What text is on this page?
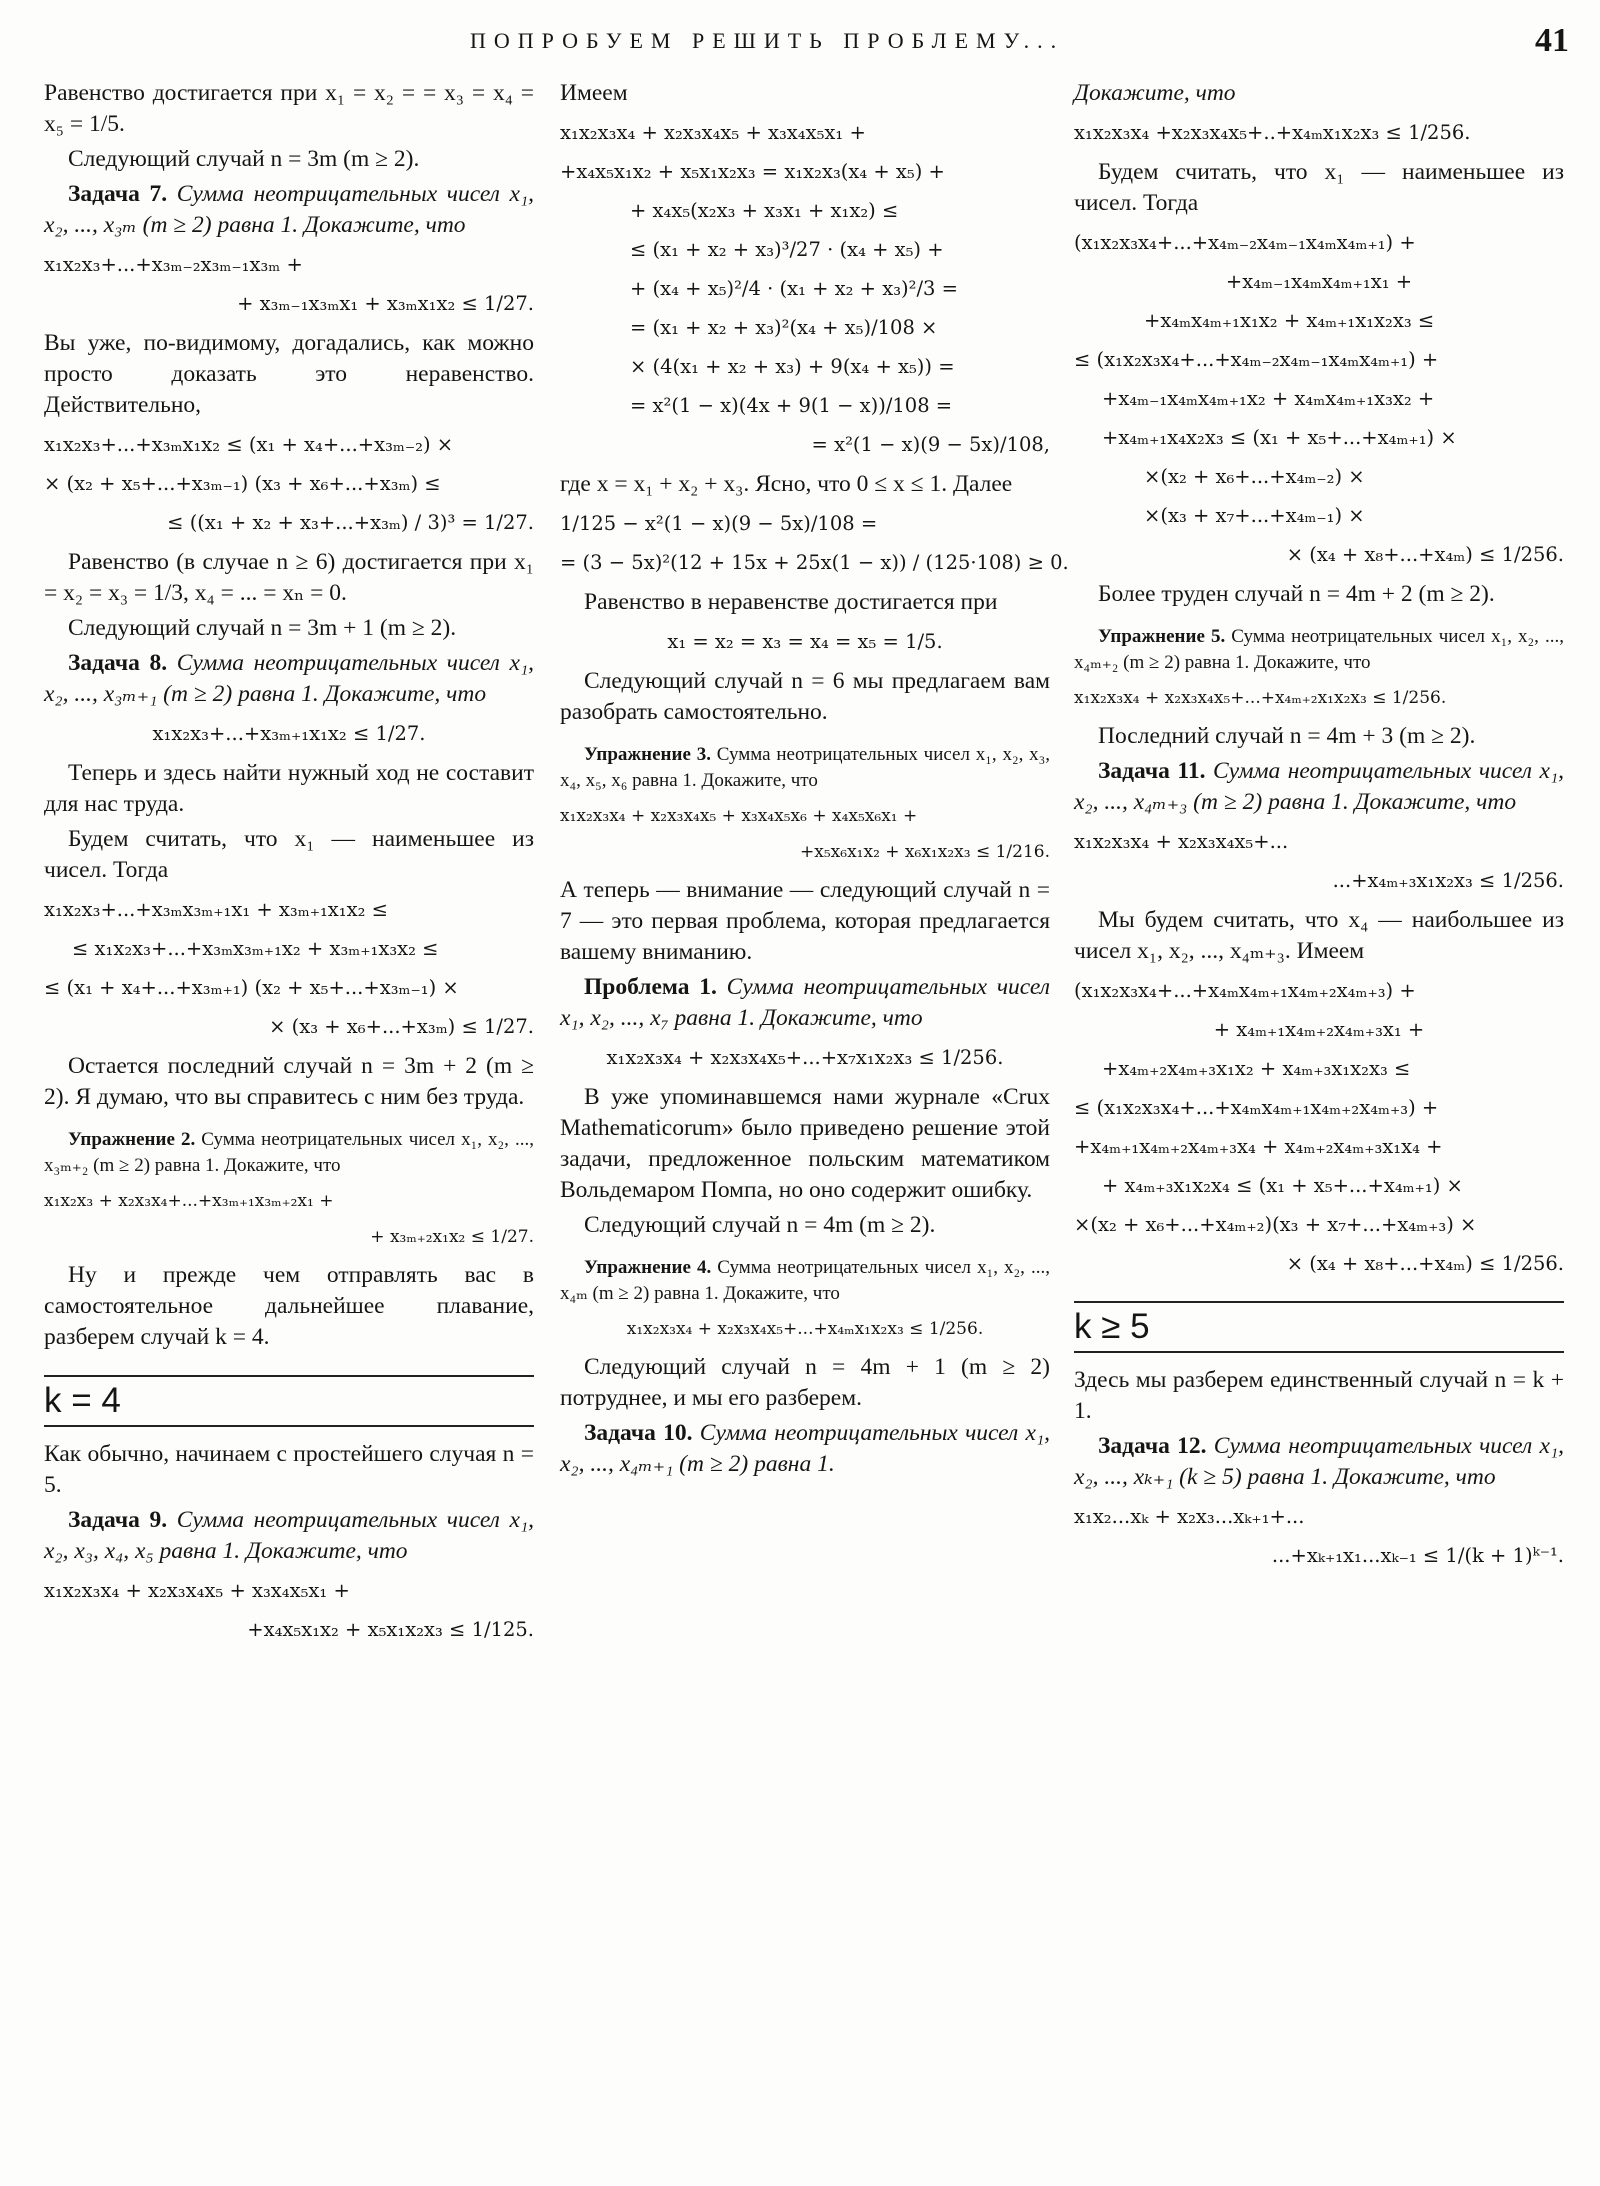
ПОПРОБУЕМ РЕШИТЬ ПРОБЛЕМУ...	41

Равенство достигается при x₁ = x₂ = = x₃ = x₄ = x₅ = 1/5.

Следующий случай n = 3m (m ≥ 2).

Задача 7. Сумма неотрицательных чисел x₁, x₂, ..., x₃ₘ (m ≥ 2) равна 1. Докажите, что

x₁x₂x₃+...+x₃ₘ₋₂x₃ₘ₋₁x₃ₘ +
+ x₃ₘ₋₁x₃ₘx₁ + x₃ₘx₁x₂ ≤ 1/27.

Вы уже, по-видимому, догадались, как можно просто доказать это неравенство. Действительно,

x₁x₂x₃+...+x₃ₘx₁x₂ ≤ (x₁ + x₄+...+x₃ₘ₋₂) ×
× (x₂ + x₅+...+x₃ₘ₋₁) (x₃ + x₆+...+x₃ₘ) ≤
≤ ((x₁ + x₂ + x₃+...+x₃ₘ) / 3)³ = 1/27.

Равенство (в случае n ≥ 6) достигается при x₁ = x₂ = x₃ = 1/3, x₄ = ... = xₙ = 0.

Следующий случай n = 3m + 1 (m ≥ 2).

Задача 8. Сумма неотрицательных чисел x₁, x₂, ..., x₃ₘ₊₁ (m ≥ 2) равна 1. Докажите, что

x₁x₂x₃+...+x₃ₘ₊₁x₁x₂ ≤ 1/27.

Теперь и здесь найти нужный ход не составит для нас труда.

Будем считать, что x₁ — наименьшее из чисел. Тогда

x₁x₂x₃+...+x₃ₘx₃ₘ₊₁x₁ + x₃ₘ₊₁x₁x₂ ≤
≤ x₁x₂x₃+...+x₃ₘx₃ₘ₊₁x₂ + x₃ₘ₊₁x₃x₂ ≤
≤ (x₁ + x₄+...+x₃ₘ₊₁) (x₂ + x₅+...+x₃ₘ₋₁) ×
× (x₃ + x₆+...+x₃ₘ) ≤ 1/27.

Остается последний случай n = 3m + 2 (m ≥ 2). Я думаю, что вы справитесь с ним без труда.

Упражнение 2. Сумма неотрицательных чисел x₁, x₂, ..., x₃ₘ₊₂ (m ≥ 2) равна 1. Докажите, что

x₁x₂x₃ + x₂x₃x₄+...+x₃ₘ₊₁x₃ₘ₊₂x₁ +
+ x₃ₘ₊₂x₁x₂ ≤ 1/27.

Ну и прежде чем отправлять вас в самостоятельное дальнейшее плавание, разберем случай k = 4.

k = 4

Как обычно, начинаем с простейшего случая n = 5.

Задача 9. Сумма неотрицательных чисел x₁, x₂, x₃, x₄, x₅ равна 1. Докажите, что

x₁x₂x₃x₄ + x₂x₃x₄x₅ + x₃x₄x₅x₁ +
+x₄x₅x₁x₂ + x₅x₁x₂x₃ ≤ 1/125.

Имеем

x₁x₂x₃x₄ + x₂x₃x₄x₅ + x₃x₄x₅x₁ +
+x₄x₅x₁x₂ + x₅x₁x₂x₃ = x₁x₂x₃(x₄ + x₅) +
+ x₄x₅(x₂x₃ + x₃x₁ + x₁x₂) ≤
≤ (x₁ + x₂ + x₃)³/27 · (x₄ + x₅) +
+ (x₄ + x₅)²/4 · (x₁ + x₂ + x₃)²/3 =
= (x₁ + x₂ + x₃)²(x₄ + x₅)/108 ×
× (4(x₁ + x₂ + x₃) + 9(x₄ + x₅)) =
= x²(1 − x)(4x + 9(1 − x))/108 =
= x²(1 − x)(9 − 5x)/108,

где x = x₁ + x₂ + x₃. Ясно, что 0 ≤ x ≤ 1. Далее

1/125 − x²(1 − x)(9 − 5x)/108 =
= (3 − 5x)²(12 + 15x + 25x(1 − x)) / (125·108) ≥ 0.

Равенство в неравенстве достигается при

x₁ = x₂ = x₃ = x₄ = x₅ = 1/5.

Следующий случай n = 6 мы предлагаем вам разобрать самостоятельно.

Упражнение 3. Сумма неотрицательных чисел x₁, x₂, x₃, x₄, x₅, x₆ равна 1. Докажите, что

x₁x₂x₃x₄ + x₂x₃x₄x₅ + x₃x₄x₅x₆ + x₄x₅x₆x₁ +
+x₅x₆x₁x₂ + x₆x₁x₂x₃ ≤ 1/216.

А теперь — внимание — следующий случай n = 7 — это первая проблема, которая предлагается вашему вниманию.

Проблема 1. Сумма неотрицательных чисел x₁, x₂, ..., x₇ равна 1. Докажите, что

x₁x₂x₃x₄ + x₂x₃x₄x₅+...+x₇x₁x₂x₃ ≤ 1/256.

В уже упоминавшемся нами журнале «Crux Mathematicorum» было приведено решение этой задачи, предложенное польским математиком Вольдемаром Помпа, но оно содержит ошибку.

Следующий случай n = 4m (m ≥ 2).

Упражнение 4. Сумма неотрицательных чисел x₁, x₂, ..., x₄ₘ (m ≥ 2) равна 1. Докажите, что

x₁x₂x₃x₄ + x₂x₃x₄x₅+...+x₄ₘx₁x₂x₃ ≤ 1/256.

Следующий случай n = 4m + 1 (m ≥ 2) потруднее, и мы его разберем.

Задача 10. Сумма неотрицательных чисел x₁, x₂, ..., x₄ₘ₊₁ (m ≥ 2) равна 1.

Докажите, что

x₁x₂x₃x₄ +x₂x₃x₄x₅+..+x₄ₘx₁x₂x₃ ≤ 1/256.

Будем считать, что x₁ — наименьшее из чисел. Тогда

(x₁x₂x₃x₄+...+x₄ₘ₋₂x₄ₘ₋₁x₄ₘx₄ₘ₊₁) +
+x₄ₘ₋₁x₄ₘx₄ₘ₊₁x₁ +
+x₄ₘx₄ₘ₊₁x₁x₂ + x₄ₘ₊₁x₁x₂x₃ ≤
≤ (x₁x₂x₃x₄+...+x₄ₘ₋₂x₄ₘ₋₁x₄ₘx₄ₘ₊₁) +
+x₄ₘ₋₁x₄ₘx₄ₘ₊₁x₂ + x₄ₘx₄ₘ₊₁x₃x₂ +
+x₄ₘ₊₁x₄x₂x₃ ≤ (x₁ + x₅+...+x₄ₘ₊₁) ×
×(x₂ + x₆+...+x₄ₘ₋₂) ×
×(x₃ + x₇+...+x₄ₘ₋₁) ×
× (x₄ + x₈+...+x₄ₘ) ≤ 1/256.

Более труден случай n = 4m + 2 (m ≥ 2).

Упражнение 5. Сумма неотрицательных чисел x₁, x₂, ..., x₄ₘ₊₂ (m ≥ 2) равна 1. Докажите, что

x₁x₂x₃x₄ + x₂x₃x₄x₅+...+x₄ₘ₊₂x₁x₂x₃ ≤ 1/256.

Последний случай n = 4m + 3 (m ≥ 2).

Задача 11. Сумма неотрицательных чисел x₁, x₂, ..., x₄ₘ₊₃ (m ≥ 2) равна 1. Докажите, что

x₁x₂x₃x₄ + x₂x₃x₄x₅+...
...+x₄ₘ₊₃x₁x₂x₃ ≤ 1/256.

Мы будем считать, что x₄ — наибольшее из чисел x₁, x₂, ..., x₄ₘ₊₃. Имеем

(x₁x₂x₃x₄+...+x₄ₘx₄ₘ₊₁x₄ₘ₊₂x₄ₘ₊₃) +
+ x₄ₘ₊₁x₄ₘ₊₂x₄ₘ₊₃x₁ +
+x₄ₘ₊₂x₄ₘ₊₃x₁x₂ + x₄ₘ₊₃x₁x₂x₃ ≤
≤ (x₁x₂x₃x₄+...+x₄ₘx₄ₘ₊₁x₄ₘ₊₂x₄ₘ₊₃) +
+x₄ₘ₊₁x₄ₘ₊₂x₄ₘ₊₃x₄ + x₄ₘ₊₂x₄ₘ₊₃x₁x₄ +
+ x₄ₘ₊₃x₁x₂x₄ ≤ (x₁ + x₅+...+x₄ₘ₊₁) ×
×(x₂ + x₆+...+x₄ₘ₊₂)(x₃ + x₇+...+x₄ₘ₊₃) ×
× (x₄ + x₈+...+x₄ₘ) ≤ 1/256.
k ≥ 5

Здесь мы разберем единственный случай n = k + 1.

Задача 12. Сумма неотрицательных чисел x₁, x₂, ..., xₖ₊₁ (k ≥ 5) равна 1. Докажите, что

x₁x₂...xₖ + x₂x₃...xₖ₊₁+...
...+xₖ₊₁x₁...xₖ₋₁ ≤ 1/(k + 1)ᵏ⁻¹.
